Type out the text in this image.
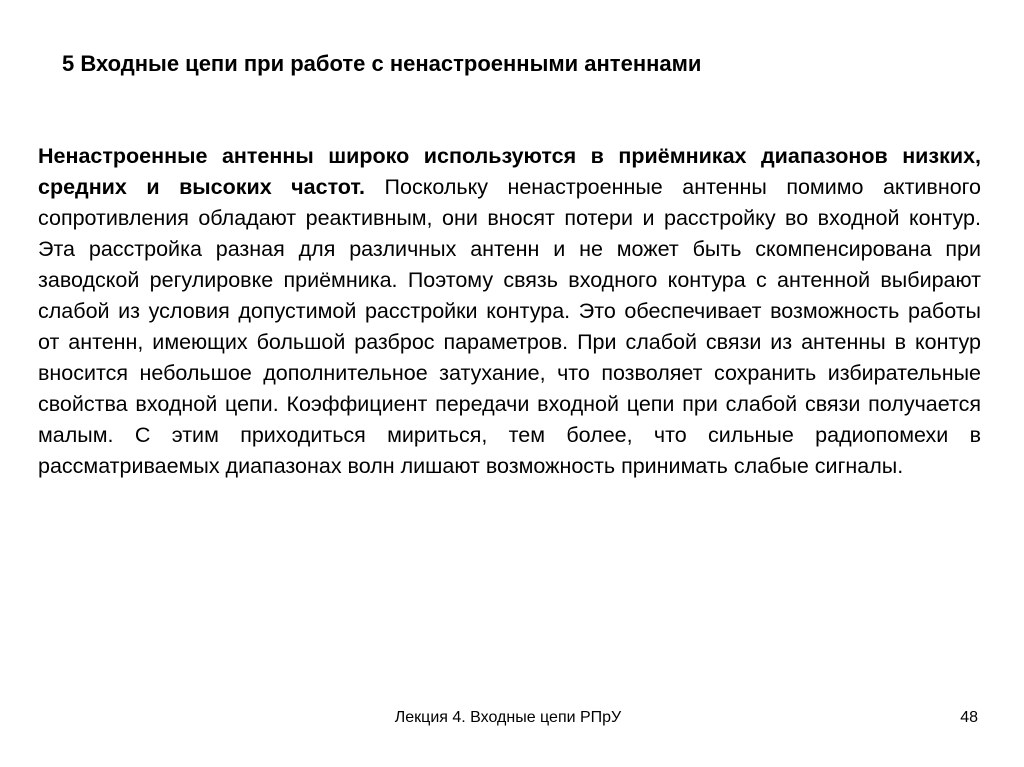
5 Входные цепи при работе с ненастроенными антеннами

Ненастроенные антенны широко используются в приёмниках диапазонов низких, средних и высоких частот. Поскольку ненастроенные антенны помимо активного сопротивления обладают реактивным, они вносят потери и расстройку во входной контур. Эта расстройка разная для различных антенн и не может быть скомпенсирована при заводской регулировке приёмника. Поэтому связь входного контура с антенной выбирают слабой из условия допустимой расстройки контура. Это обеспечивает возможность работы от антенн, имеющих большой разброс параметров. При слабой связи из антенны в контур вносится небольшое дополнительное затухание, что позволяет сохранить избирательные свойства входной цепи. Коэффициент передачи входной цепи при слабой связи получается малым. С этим приходиться мириться, тем более, что сильные радиопомехи в рассматриваемых диапазонах волн лишают возможность принимать слабые сигналы.

Лекция 4. Входные цепи РПрУ	48
